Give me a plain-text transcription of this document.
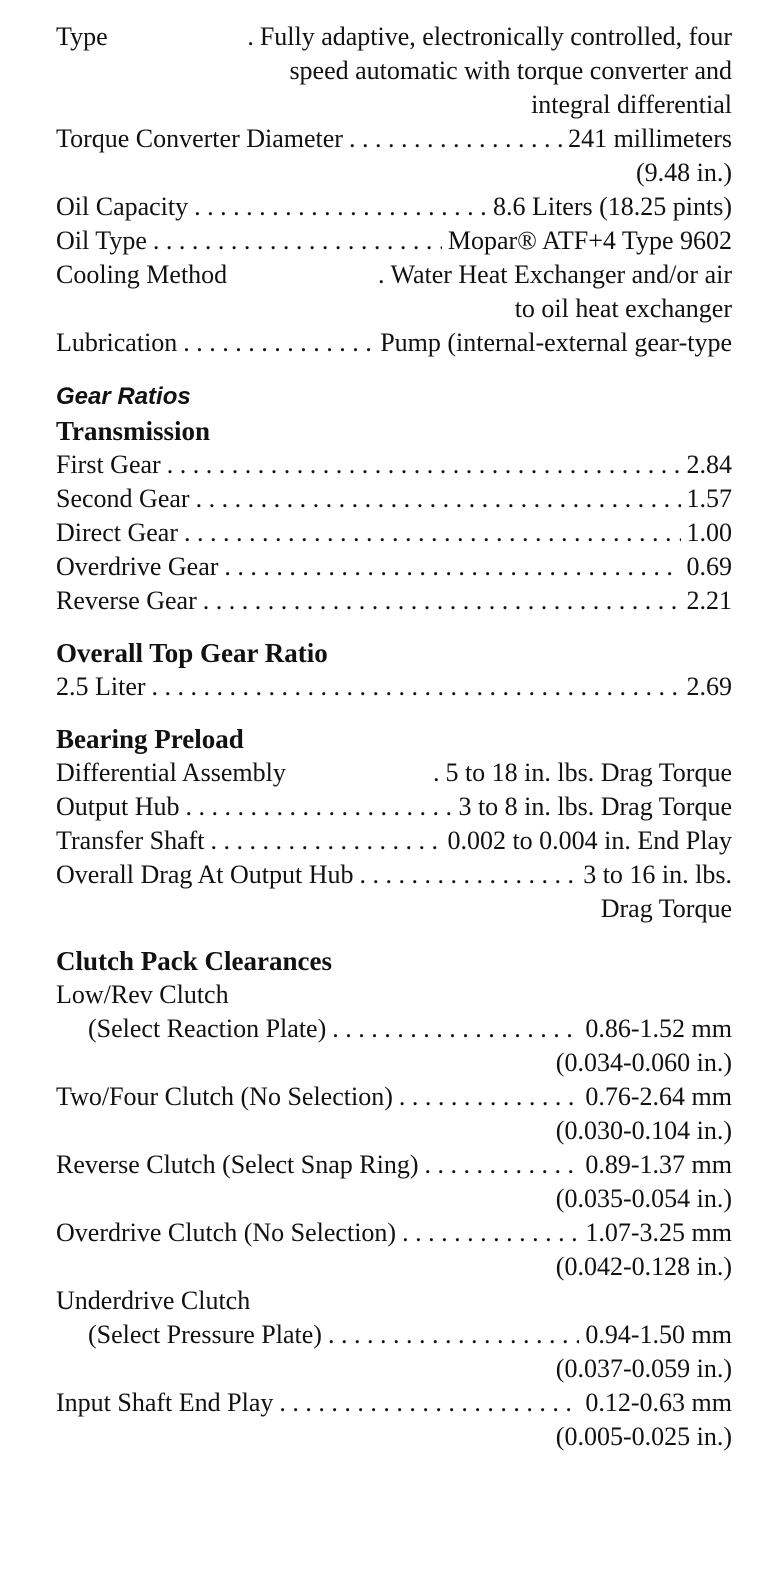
Type .	Fully adaptive, electronically controlled, four
speed automatic with torque converter and
integral differential
Torque Converter Diameter . . .	241 millimeters
(9.48 in.)
Oil Capacity . . .	8.6 Liters (18.25 pints)
Oil Type . . .	Mopar® ATF+4 Type 9602
Cooling Method .	Water Heat Exchanger and/or air
to oil heat exchanger
Lubrication . . .	Pump (internal-external gear-type
Gear Ratios
Transmission
First Gear . . .	2.84
Second Gear . . .	1.57
Direct Gear . . .	1.00
Overdrive Gear . . .	0.69
Reverse Gear . . .	2.21
Overall Top Gear Ratio
2.5 Liter . . .	2.69
Bearing Preload
Differential Assembly .	5 to 18 in. lbs. Drag Torque
Output Hub . . .	3 to 8 in. lbs. Drag Torque
Transfer Shaft . . .	0.002 to 0.004 in. End Play
Overall Drag At Output Hub . . .	3 to 16 in. lbs.
Drag Torque
Clutch Pack Clearances
Low/Rev Clutch
(Select Reaction Plate) . . .	0.86-1.52 mm
(0.034-0.060 in.)
Two/Four Clutch (No Selection) . . .	0.76-2.64 mm
(0.030-0.104 in.)
Reverse Clutch (Select Snap Ring) . . .	0.89-1.37 mm
(0.035-0.054 in.)
Overdrive Clutch (No Selection) . . .	1.07-3.25 mm
(0.042-0.128 in.)
Underdrive Clutch
(Select Pressure Plate) . . .	0.94-1.50 mm
(0.037-0.059 in.)
Input Shaft End Play . . .	0.12-0.63 mm
(0.005-0.025 in.)
